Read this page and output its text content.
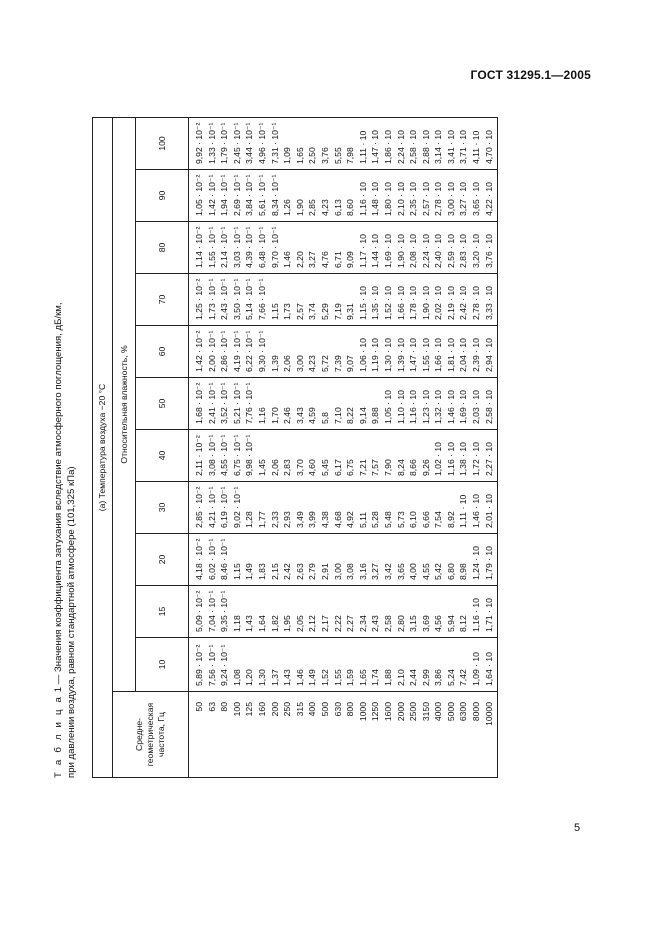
ГОСТ 31295.1—2005
Т а б л и ц а 1 — Значения коэффициента затухания вследствие атмосферного поглощения, дБ/км, при давлении воздуха, равном стандартной атмосфере (101,325 кПа)
(а) Температура воздуха −20 °С											

Средне- геометрическая частота, Гц	Относительная влажность, %										
	10	15	20	30	40	50	60	70	80	90	100
50	5,89 · 10⁻²	5,09 · 10⁻²	4,18 · 10⁻²	2,85 · 10⁻²	2,11 · 10⁻²	1,68 · 10⁻²	1,42 · 10⁻²	1,25 · 10⁻²	1,14 · 10⁻²	1,05 · 10⁻²	9,92 · 10⁻²
63	7,56 · 10⁻¹	7,04 · 10⁻¹	6,02 · 10⁻¹	4,21 · 10⁻¹	3,08 · 10⁻¹	2,41 · 10⁻¹	2,00 · 10⁻¹	1,73 · 10⁻¹	1,55 · 10⁻¹	1,42 · 10⁻¹	1,33 · 10⁻¹
80	9,24 · 10⁻¹	9,35 · 10⁻¹	8,46 · 10⁻¹	6,19 · 10⁻¹	4,55 · 10⁻¹	3,52 · 10⁻¹	2,86 · 10⁻¹	2,43 · 10⁻¹	2,14 · 10⁻¹	1,94 · 10⁻¹	1,79 · 10⁻¹
100	1,08	1,18	1,15	9,02 · 10⁻¹	6,75 · 10⁻¹	5,21 · 10⁻¹	4,19 · 10⁻¹	3,50 · 10⁻¹	3,03 · 10⁻¹	2,69 · 10⁻¹	2,45 · 10⁻¹
125	1,20	1,43	1,49	1,28	9,98 · 10⁻¹	7,76 · 10⁻¹	6,22 · 10⁻¹	5,14 · 10⁻¹	4,39 · 10⁻¹	3,84 · 10⁻¹	3,44 · 10⁻¹
160	1,30	1,64	1,83	1,77	1,45	1,16	9,30 · 10⁻¹	7,66 · 10⁻¹	6,48 · 10⁻¹	5,61 · 10⁻¹	4,96 · 10⁻¹
200	1,37	1,82	2,15	2,33	2,06	1,70	1,39	1,15	9,70 · 10⁻¹	8,34 · 10⁻¹	7,31 · 10⁻¹
250	1,43	1,95	2,42	2,93	2,83	2,46	2,06	1,73	1,46	1,26	1,09
315	1,46	2,05	2,63	3,49	3,70	3,43	3,00	2,57	2,20	1,90	1,65
400	1,49	2,12	2,79	3,99	4,60	4,59	4,23	3,74	3,27	2,85	2,50
500	1,52	2,17	2,91	4,38	5,45	5,8	5,72	5,29	4,76	4,23	3,76
630	1,55	2,22	3,00	4,68	6,17	7,10	7,39	7,19	6,71	6,13	5,55
800	1,59	2,27	3,08	4,92	6,75	8,22	9,07	9,31	9,09	8,60	7,98
1000	1,65	2,34	3,16	5,11	7,21	9,14	1,06 · 10	1,15 · 10	1,17 · 10	1,16 · 10	1,11 · 10
1250	1,74	2,43	3,27	5,28	7,57	9,88	1,19 · 10	1,35 · 10	1,44 · 10	1,48 · 10	1,47 · 10
1600	1,88	2,58	3,42	5,48	7,90	1,05 · 10	1,30 · 10	1,52 · 10	1,69 · 10	1,80 · 10	1,86 · 10
2000	2,10	2,80	3,65	5,73	8,24	1,10 · 10	1,39 · 10	1,66 · 10	1,90 · 10	2,10 · 10	2,24 · 10
2500	2,44	3,15	4,00	6,10	8,66	1,16 · 10	1,47 · 10	1,78 · 10	2,08 · 10	2,35 · 10	2,58 · 10
3150	2,99	3,69	4,55	6,66	9,26	1,23 · 10	1,55 · 10	1,90 · 10	2,24 · 10	2,57 · 10	2,88 · 10
4000	3,86	4,56	5,42	7,54	1,02 · 10	1,32 · 10	1,66 · 10	2,02 · 10	2,40 · 10	2,78 · 10	3,14 · 10
5000	5,24	5,94	6,80	8,92	1,16 · 10	1,46 · 10	1,81 · 10	2,19 · 10	2,59 · 10	3,00 · 10	3,41 · 10
6300	7,42	8,12	8,98	1,11 · 10	1,38 · 10	1,69 · 10	2,04 · 10	2,42 · 10	2,83 · 10	3,27 · 10	3,71 · 10
8000	1,09 · 10	1,16 · 10	1,24 · 10	1,46 · 10	1,72 · 10	2,03 · 10	2,39 · 10	2,78 · 10	3,20 · 10	3,65 · 10	4,11 · 10
10000	1,64 · 10	1,71 · 10	1,79 · 10	2,01 · 10	2,27 · 10	2,58 · 10	2,94 · 10	3,33 · 10	3,76 · 10	4,22 · 10	4,70 · 10
5
